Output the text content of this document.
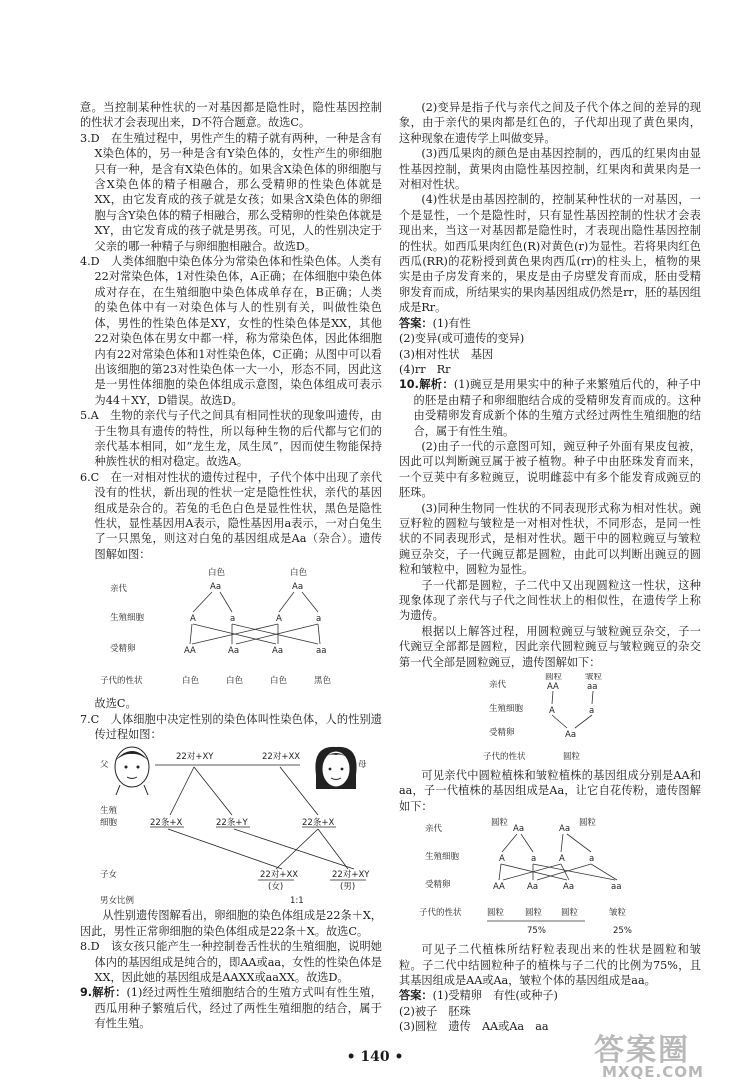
意。当控制某种性状的一对基因都是隐性时，隐性基因控制的性状才会表现出来，D不符合题意。故选C。

3.D　在生殖过程中，男性产生的精子就有两种，一种是含有X染色体的，另一种是含有Y染色体的，女性产生的卵细胞只有一种，是含有X染色体的。如果含X染色体的卵细胞与含X染色体的精子相融合，那么受精卵的性染色体就是XX，由它发育成的孩子就是女孩；如果含X染色体的卵细胞与含Y染色体的精子相融合，那么受精卵的性染色体就是XY，由它发育成的孩子就是男孩。可见，人的性别决定于父亲的哪一种精子与卵细胞相融合。故选D。

4.D　人类体细胞中染色体分为常染色体和性染色体。人类有22对常染色体，1对性染色体，A正确；在体细胞中染色体成对存在，在生殖细胞中染色体成单存在，B正确；人类的染色体中有一对染色体与人的性别有关，叫做性染色体，男性的性染色体是XY，女性的性染色体是XX，其他22对染色体在男女中都一样，称为常染色体，因此体细胞内有22对常染色体和1对性染色体，C正确；从图中可以看出该细胞的第23对性染色体一大一小，形态不同，因此这是一男性体细胞的染色体组成示意图，染色体组成可表示为44＋XY，D错误。故选D。

5.A　生物的亲代与子代之间具有相同性状的现象叫遗传，由于生物具有遗传的特性，所以每种生物的后代都与它们的亲代基本相同，如“龙生龙，凤生凤”，因而使生物能保持种族性状的相对稳定。故选A。

6.C　在一对相对性状的遗传过程中，子代个体中出现了亲代没有的性状，新出现的性状一定是隐性性状，亲代的基因组成是杂合的。若兔的毛色白色是显性性状，黑色是隐性性状，显性基因用A表示，隐性基因用a表示，一对白兔生了一只黑兔，则这对白兔的基因组成是Aa（杂合）。遗传图解如图：

亲代
生殖细胞
受精卵
子代的性状
白色	白色
Aa	Aa
A	a	A	a
AA	Aa	Aa	aa
白色	白色	白色	黑色

故选C。

7.C　人体细胞中决定性别的染色体叫性染色体，人的性别遗传过程如图：

父	母
22对+XY	22对+XX
生殖
细胞	22条+X	22条+Y	22条+X
子女	22对+XX
(女)
22对+XY
(男)
男女比例	1:1

从性别遗传图解看出，卵细胞的染色体组成是22条＋X，因此，男性正常卵细胞的染色体组成是22条＋X。故选C。

8.D　该女孩只能产生一种控制卷舌性状的生殖细胞，说明她体内的基因组成是纯合的，即AA或aa，女性的性染色体是XX，因此她的基因组成是AAXX或aaXX。故选D。

9.解析：(1)经过两性生殖细胞结合的生殖方式叫有性生殖，西瓜用种子繁殖后代，经过了两性生殖细胞的结合，属于有性生殖。

(2)变异是指子代与亲代之间及子代个体之间的差异的现象，由于亲代的果肉都是红色的，子代却出现了黄色果肉，这种现象在遗传学上叫做变异。

(3)西瓜果肉的颜色是由基因控制的，西瓜的红果肉由显性基因控制，黄果肉由隐性基因控制，红果肉和黄果肉是一对相对性状。

(4)性状是由基因控制的，控制某种性状的一对基因，一个是显性，一个是隐性时，只有显性基因控制的性状才会表现出来，当这一对基因都是隐性时，才表现出隐性基因控制的性状。如西瓜果肉红色(R)对黄色(r)为显性。若将果肉红色西瓜(RR)的花粉授到黄色果肉西瓜(rr)的柱头上，植物的果实是由子房发育来的，果皮是由子房壁发育而成，胚由受精卵发育而成，所结果实的果肉基因组成仍然是rr，胚的基因组成是Rr。

答案：(1)有性

(2)变异(或可遗传的变异)

(3)相对性状　基因

(4)rr　Rr

10.解析：(1)豌豆是用果实中的种子来繁殖后代的，种子中的胚是由精子和卵细胞结合成的受精卵发育而成的。这种由受精卵发育成新个体的生殖方式经过两性生殖细胞的结合，属于有性生殖。

(2)由子一代的示意图可知，豌豆种子外面有果皮包被，因此可以判断豌豆属于被子植物。种子中由胚珠发育而来，一个豆荚中有多粒豌豆，说明雌蕊中有多个能发育成豌豆的胚珠。

(3)同种生物同一性状的不同表现形式称为相对性状。豌豆籽粒的圆粒与皱粒是一对相对性状，不同形态，是同一性状的不同表现形式，是相对性状。题干中的圆粒豌豆与皱粒豌豆杂交，子一代豌豆都是圆粒，由此可以判断出豌豆的圆粒和皱粒中，圆粒为显性。

子一代都是圆粒，子二代中又出现圆粒这一性状，这种现象体现了亲代与子代之间性状上的相似性，在遗传学上称为遗传。

根据以上解答过程，用圆粒豌豆与皱粒豌豆杂交，子一代豌豆全部都是圆粒，因此亲代圆粒豌豆与皱粒豌豆的杂交第一代全部是圆粒豌豆，遗传图解如下：

亲代
生殖细胞
受精卵
子代的性状
圆粒	皱粒
AA	aa
A	a
Aa
圆粒

可见亲代中圆粒植株和皱粒植株的基因组成分别是AA和aa，子一代植株的基因组成是Aa，让它自花传粉，遗传图解如下：

亲代
生殖细胞
受精卵
子代的性状
圆粒	圆粒
Aa	Aa
A	a	A	a
AA	Aa	Aa	aa
圆粒 圆粒 圆粒	皱粒
75%	25%

可见子二代植株所结籽粒表现出来的性状是圆粒和皱粒。子二代中结圆粒种子的植株与子二代的比例为75%，且其基因组成是AA或Aa，皱粒个体的基因组成是aa。

答案：(1)受精卵　有性(或种子)

(2)被子　胚珠

(3)圆粒　遗传　AA或Aa　aa

• 140 •	答案圈
MXQE.COM
